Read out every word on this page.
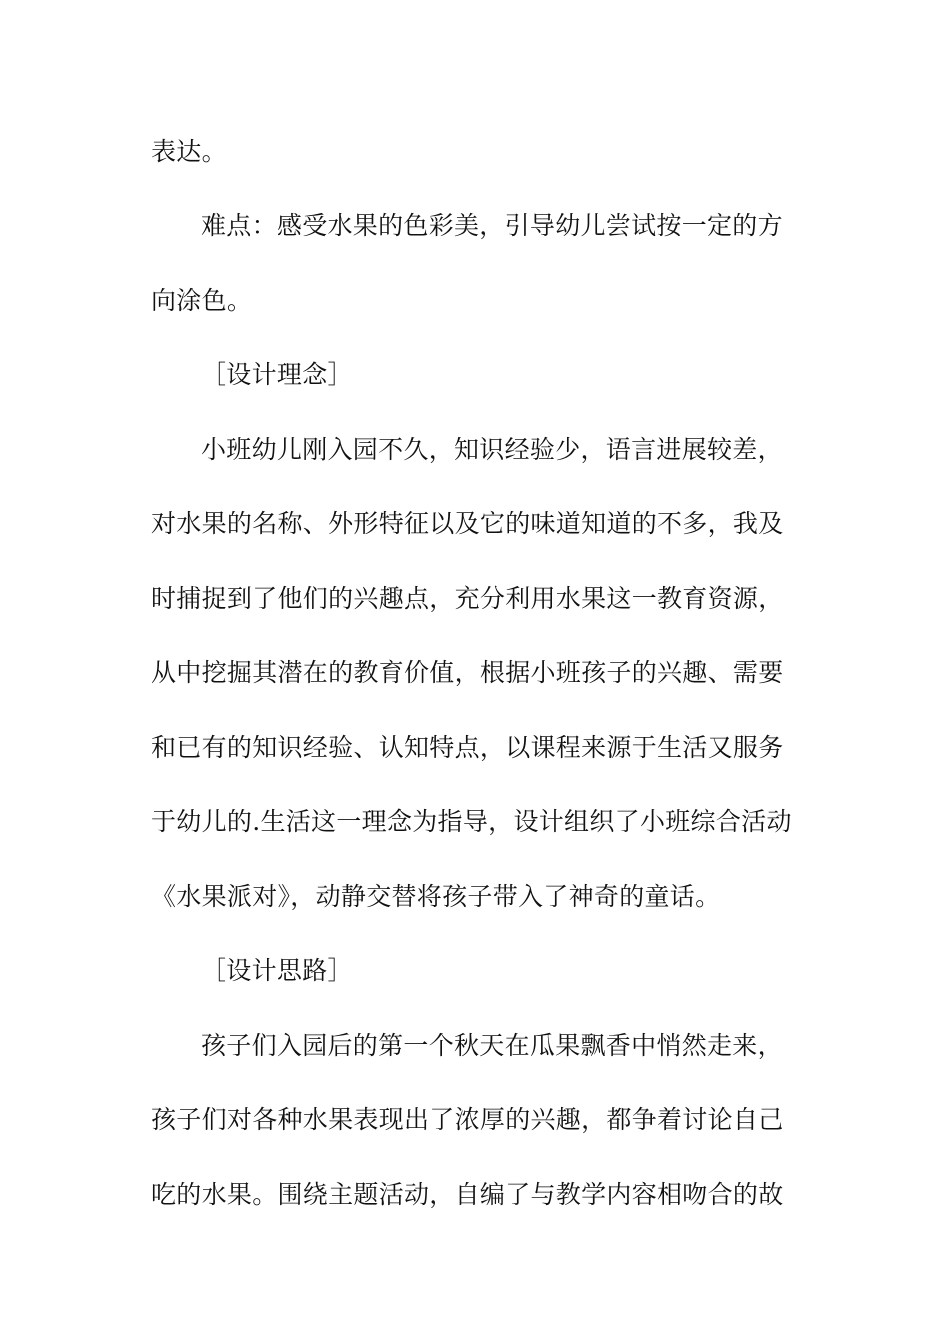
表达。
难点：感受水果的色彩美，引导幼儿尝试按一定的方
向涂色。
［设计理念］
小班幼儿刚入园不久，知识经验少，语言进展较差，
对水果的名称、外形特征以及它的味道知道的不多，我及
时捕捉到了他们的兴趣点，充分利用水果这一教育资源，
从中挖掘其潜在的教育价值，根据小班孩子的兴趣、需要
和已有的知识经验、认知特点，以课程来源于生活又服务
于幼儿的.生活这一理念为指导，设计组织了小班综合活动
《水果派对》，动静交替将孩子带入了神奇的童话。
［设计思路］
孩子们入园后的第一个秋天在瓜果飘香中悄然走来，
孩子们对各种水果表现出了浓厚的兴趣，都争着讨论自己
吃的水果。围绕主题活动，自编了与教学内容相吻合的故
